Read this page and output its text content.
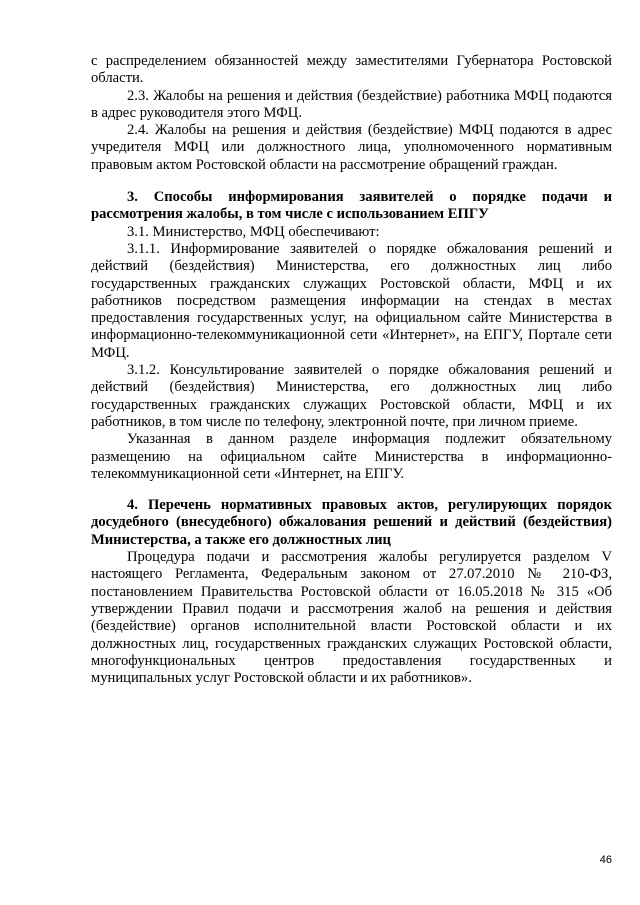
с распределением обязанностей между заместителями Губернатора Ростовской области.

2.3. Жалобы на решения и действия (бездействие) работника МФЦ подаются в адрес руководителя этого МФЦ.

2.4. Жалобы на решения и действия (бездействие) МФЦ подаются в адрес учредителя МФЦ или должностного лица, уполномоченного нормативным правовым актом Ростовской области на рассмотрение обращений граждан.

3. Способы информирования заявителей о порядке подачи и рассмотрения жалобы, в том числе с использованием ЕПГУ

3.1. Министерство, МФЦ обеспечивают:

3.1.1. Информирование заявителей о порядке обжалования решений и действий (бездействия) Министерства, его должностных лиц либо государственных гражданских служащих Ростовской области, МФЦ и их работников посредством размещения информации на стендах в местах предоставления государственных услуг, на официальном сайте Министерства в информационно-телекоммуникационной сети «Интернет», на ЕПГУ, Портале сети МФЦ.

3.1.2. Консультирование заявителей о порядке обжалования решений и действий (бездействия) Министерства, его должностных лиц либо государственных гражданских служащих Ростовской области, МФЦ и их работников, в том числе по телефону, электронной почте, при личном приеме.

Указанная в данном разделе информация подлежит обязательному размещению на официальном сайте Министерства в информационно-телекоммуникационной сети «Интернет, на ЕПГУ.

4. Перечень нормативных правовых актов, регулирующих порядок досудебного (внесудебного) обжалования решений и действий (бездействия) Министерства, а также его должностных лиц

Процедура подачи и рассмотрения жалобы регулируется разделом V настоящего Регламента, Федеральным законом от 27.07.2010 № 210-ФЗ, постановлением Правительства Ростовской области от 16.05.2018 № 315 «Об утверждении Правил подачи и рассмотрения жалоб на решения и действия (бездействие) органов исполнительной власти Ростовской области и их должностных лиц, государственных гражданских служащих Ростовской области, многофункциональных центров предоставления государственных и муниципальных услуг Ростовской области и их работников».

46
